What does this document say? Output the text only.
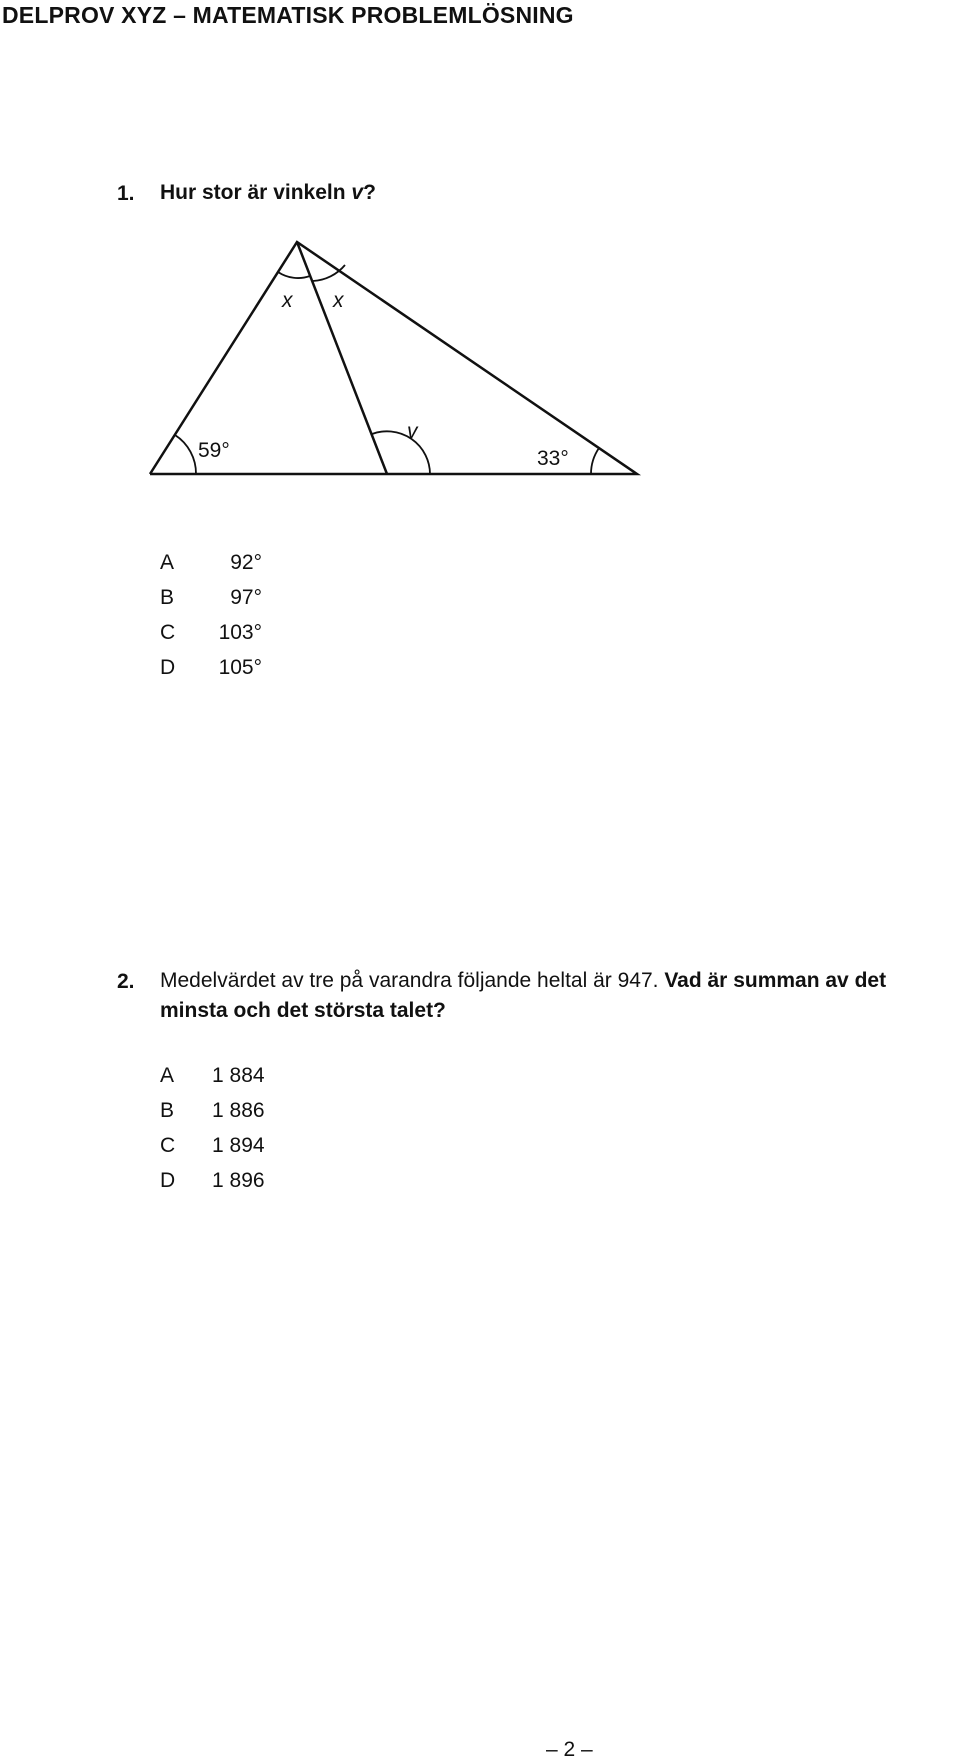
DELPROV XYZ – MATEMATISK PROBLEMLÖSNING
1. Hur stor är vinkeln v?
x x
59°
v
33°
A	92°
B	97°
C	103°
D	105°
2. Medelvärdet av tre på varandra följande heltal är 947. Vad är summan av det
minsta och det största talet?
A	1 884
B	1 886
C	1 894
D	1 896
– 2 –
